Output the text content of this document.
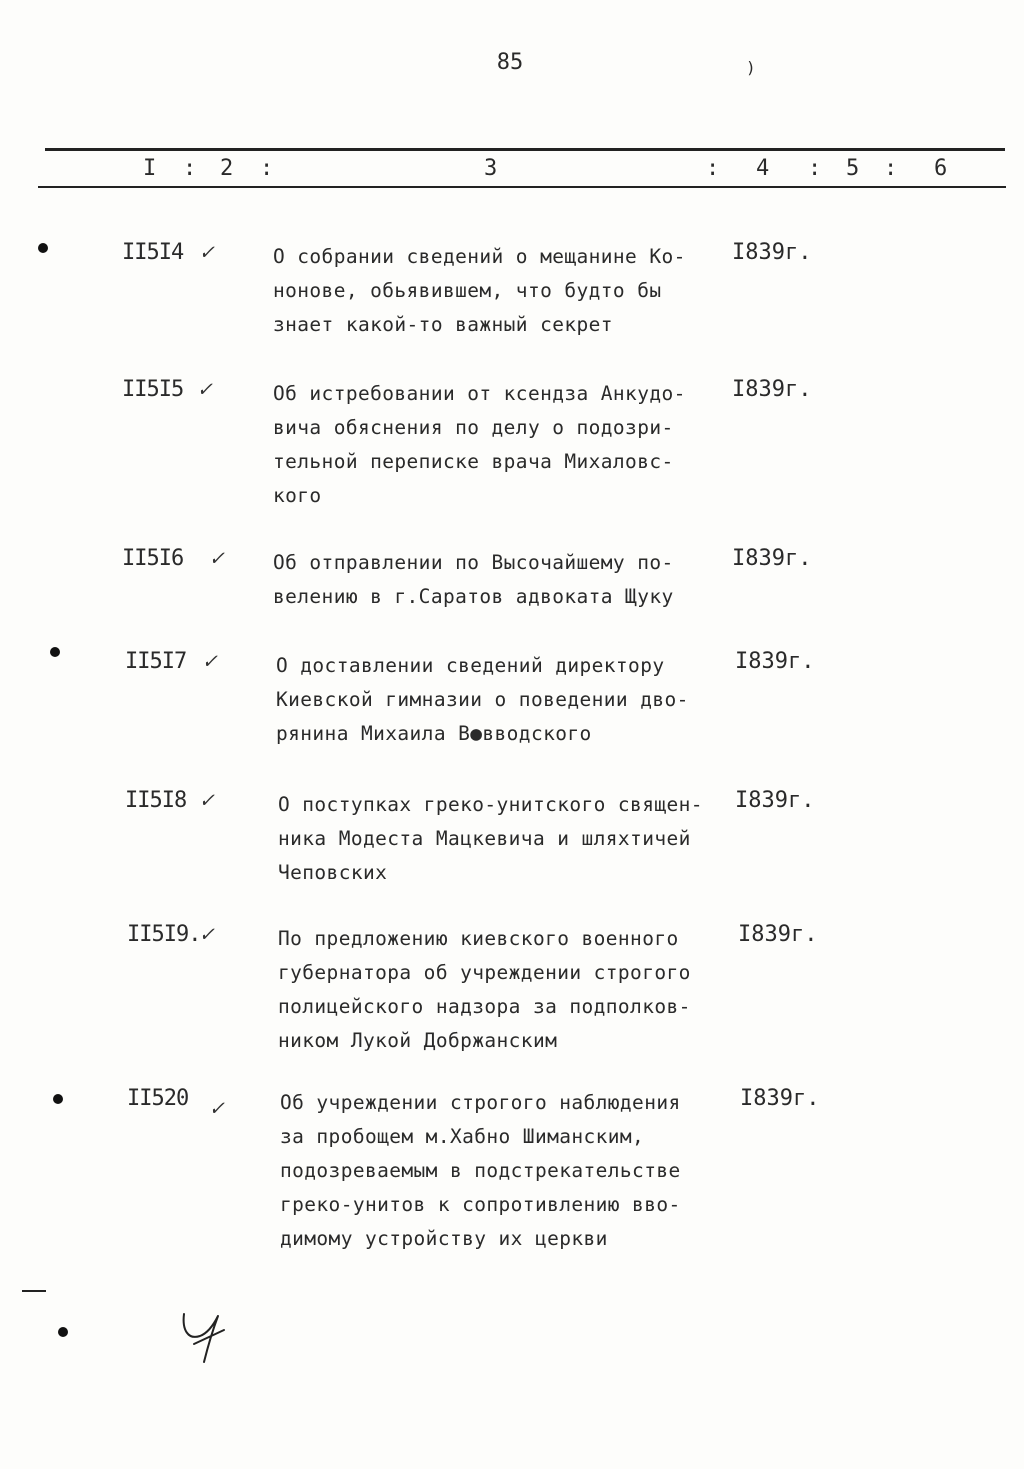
85	)
I : 2 :	3	: 4 : 5 : 6
II5I4 ✓	О собрании сведений о мещанине Ко-
нонове, обьявившем, что будто бы
знает какой-то важный секрет
I839г.
II5I5 ✓	Об истребовании от ксендза Анкудо-
вича обяснения по делу о подозри-
тельной переписке врача Михаловс-
кого
I839г.
II5I6 ✓	Об отправлении по Высочайшему по-
велению в г.Саратов адвоката Щуку
I839г.
II5I7 ✓	О доставлении сведений директору
Киевской гимназии о поведении дво-
рянина Михаила В●вводского
I839г.
II5I8 ✓	О поступках греко-унитского священ-
ника Модеста Мацкевича и шляхтичей
Чеповских
I839г.
II5I9. ✓	По предложению киевского военного
губернатора об учреждении строгого
полицейского надзора за подполков-
ником Лукой Добржанским
I839г.
II520 ✓	Об учреждении строгого наблюдения
за пробощем м.Хабно Шиманским,
подозреваемым в подстрекательстве
греко-унитов к сопротивлению вво-
димому устройству их церкви
I839г.
